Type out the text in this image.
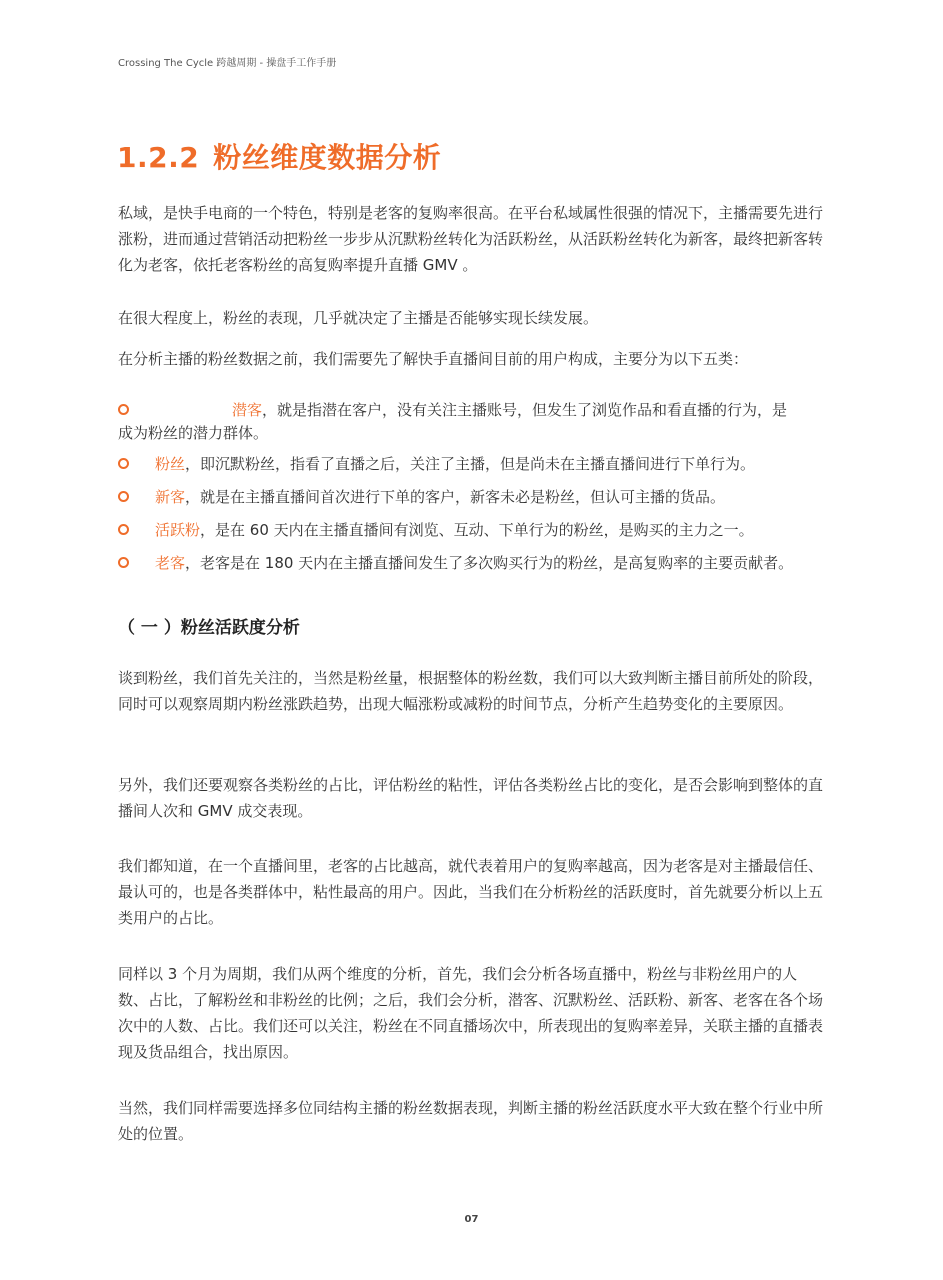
Crossing The Cycle 跨越周期 - 操盘手工作手册
1.2.2 粉丝维度数据分析

私域，是快手电商的一个特色，特别是老客的复购率很高。在平台私域属性很强的情况下，主播需要先进行涨粉，进而通过营销活动把粉丝一步步从沉默粉丝转化为活跃粉丝，从活跃粉丝转化为新客，最终把新客转化为老客，依托老客粉丝的高复购率提升直播 GMV 。

在很大程度上，粉丝的表现，几乎就决定了主播是否能够实现长续发展。

在分析主播的粉丝数据之前，我们需要先了解快手直播间目前的用户构成，主要分为以下五类：

潜客，就是指潜在客户，没有关注主播账号，但发生了浏览作品和看直播的行为，是
成为粉丝的潜力群体。
粉丝，即沉默粉丝，指看了直播之后，关注了主播，但是尚未在主播直播间进行下单行为。
新客，就是在主播直播间首次进行下单的客户，新客未必是粉丝，但认可主播的货品。
活跃粉，是在 60 天内在主播直播间有浏览、互动、下单行为的粉丝，是购买的主力之一。
老客，老客是在 180 天内在主播直播间发生了多次购买行为的粉丝，是高复购率的主要贡献者。
（ 一 ）粉丝活跃度分析

谈到粉丝，我们首先关注的，当然是粉丝量，根据整体的粉丝数，我们可以大致判断主播目前所处的阶段，同时可以观察周期内粉丝涨跌趋势，出现大幅涨粉或减粉的时间节点，分析产生趋势变化的主要原因。

另外，我们还要观察各类粉丝的占比，评估粉丝的粘性，评估各类粉丝占比的变化，是否会影响到整体的直播间人次和 GMV 成交表现。

我们都知道，在一个直播间里，老客的占比越高，就代表着用户的复购率越高，因为老客是对主播最信任、最认可的，也是各类群体中，粘性最高的用户。因此，当我们在分析粉丝的活跃度时，首先就要分析以上五类用户的占比。

同样以 3 个月为周期，我们从两个维度的分析，首先，我们会分析各场直播中，粉丝与非粉丝用户的人数、占比，了解粉丝和非粉丝的比例；之后，我们会分析，潜客、沉默粉丝、活跃粉、新客、老客在各个场次中的人数、占比。我们还可以关注，粉丝在不同直播场次中，所表现出的复购率差异，关联主播的直播表现及货品组合，找出原因。

当然，我们同样需要选择多位同结构主播的粉丝数据表现，判断主播的粉丝活跃度水平大致在整个行业中所处的位置。

07
